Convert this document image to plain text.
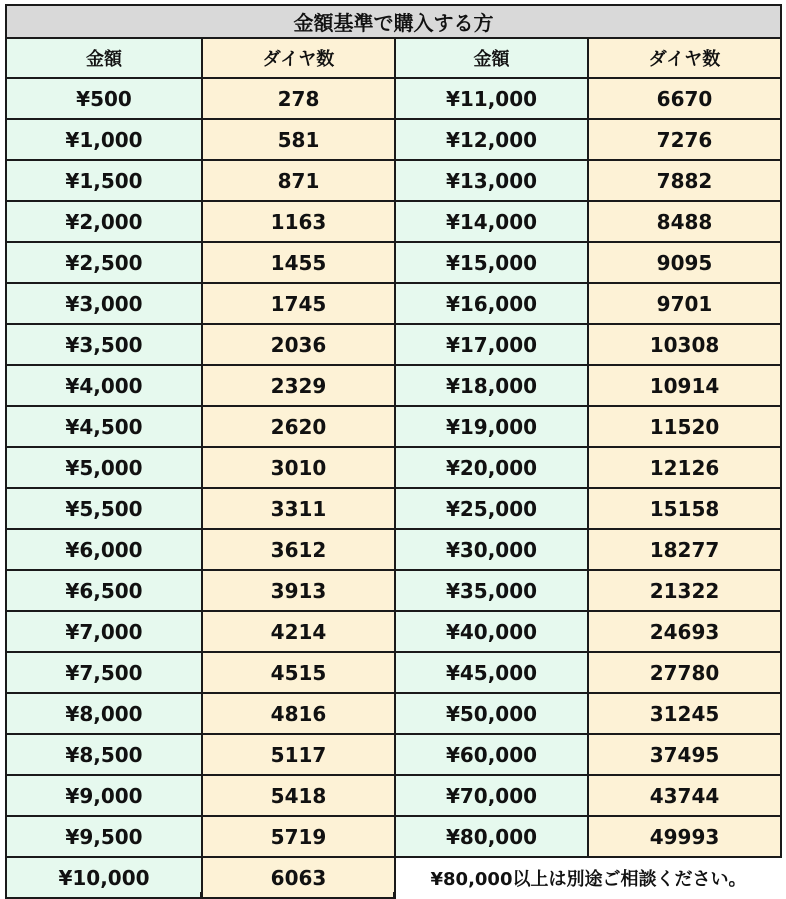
金額基準で購入する方			
金額	ダイヤ数	金額	ダイヤ数
¥500	278	¥11,000	6670
¥1,000	581	¥12,000	7276
¥1,500	871	¥13,000	7882
¥2,000	1163	¥14,000	8488
¥2,500	1455	¥15,000	9095
¥3,000	1745	¥16,000	9701
¥3,500	2036	¥17,000	10308
¥4,000	2329	¥18,000	10914
¥4,500	2620	¥19,000	11520
¥5,000	3010	¥20,000	12126
¥5,500	3311	¥25,000	15158
¥6,000	3612	¥30,000	18277
¥6,500	3913	¥35,000	21322
¥7,000	4214	¥40,000	24693
¥7,500	4515	¥45,000	27780
¥8,000	4816	¥50,000	31245
¥8,500	5117	¥60,000	37495
¥9,000	5418	¥70,000	43744
¥9,500	5719	¥80,000	49993
¥10,000	6063	¥80,000以上は別途ご相談ください。	
